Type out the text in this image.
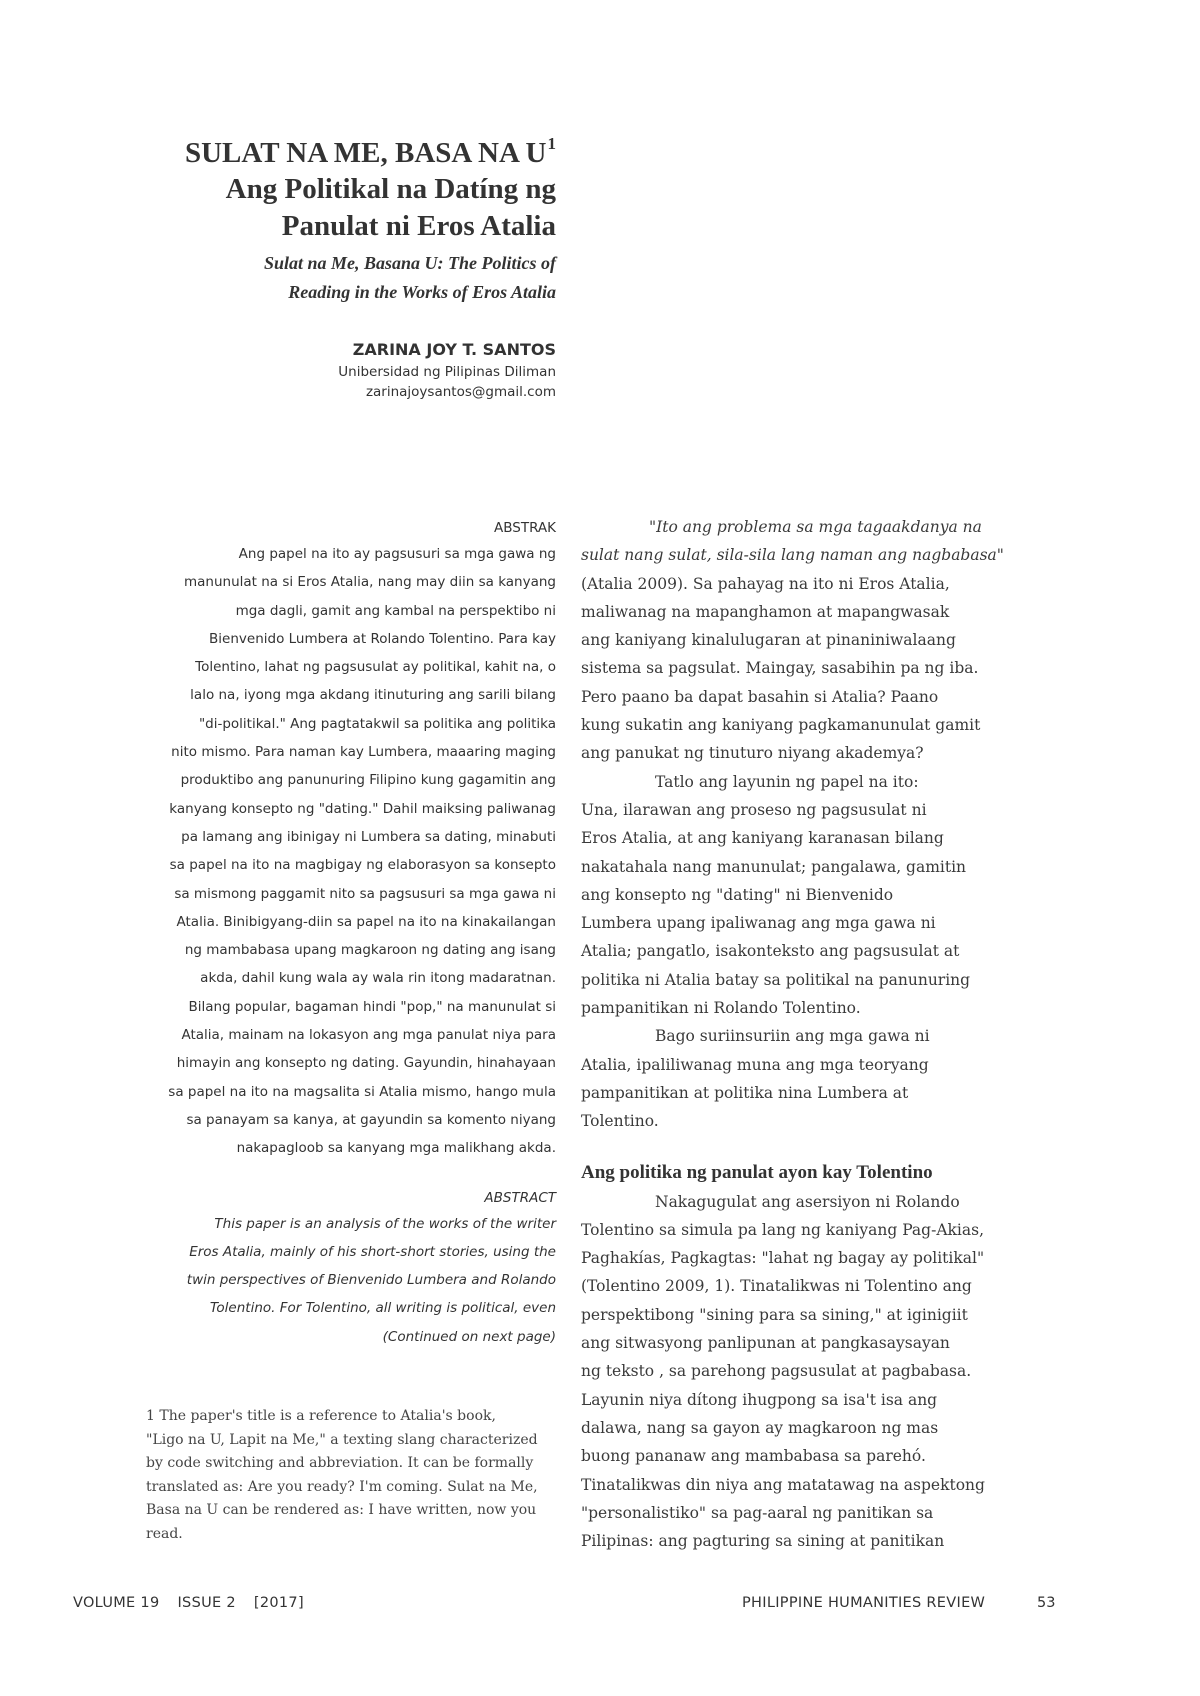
SULAT NA ME, BASA NA $U^1$
Ang Politikal na Datíng ng
Panulat ni Eros Atalia
Sulat na Me, Basana U: The Politics of
Reading in the Works of Eros Atalia
ZARINA JOY T. SANTOS
Unibersidad ng Pilipinas Diliman
zarinajoysantos@gmail.com
ABSTRAK
Ang papel na ito ay pagsusuri sa mga gawa ng
manunulat na si Eros Atalia, nang may diin sa kanyang
mga dagli, gamit ang kambal na perspektibo ni
Bienvenido Lumbera at Rolando Tolentino. Para kay
Tolentino, lahat ng pagsusulat ay politikal, kahit na, o
lalo na, iyong mga akdang itinuturing ang sarili bilang
"di-politikal." Ang pagtatakwil sa politika ang politika
nito mismo. Para naman kay Lumbera, maaaring maging
produktibo ang panunuring Filipino kung gagamitin ang
kanyang konsepto ng "dating." Dahil maiksing paliwanag
pa lamang ang ibinigay ni Lumbera sa dating, minabuti
sa papel na ito na magbigay ng elaborasyon sa konsepto
sa mismong paggamit nito sa pagsusuri sa mga gawa ni
Atalia. Binibigyang-diin sa papel na ito na kinakailangan
ng mambabasa upang magkaroon ng dating ang isang
akda, dahil kung wala ay wala rin itong madaratnan.
Bilang popular, bagaman hindi "pop," na manunulat si
Atalia, mainam na lokasyon ang mga panulat niya para
himayin ang konsepto ng dating. Gayundin, hinahayaan
sa papel na ito na magsalita si Atalia mismo, hango mula
sa panayam sa kanya, at gayundin sa komento niyang
nakapagloob sa kanyang mga malikhang akda.
ABSTRACT
This paper is an analysis of the works of the writer
Eros Atalia, mainly of his short-short stories, using the
twin perspectives of Bienvenido Lumbera and Rolando
Tolentino. For Tolentino, all writing is political, even
(Continued on next page)
1 The paper's title is a reference to Atalia's book,
"Ligo na U, Lapit na Me," a texting slang characterized
by code switching and abbreviation. It can be formally
translated as: Are you ready? I'm coming. Sulat na Me,
Basa na U can be rendered as: I have written, now you
read.
"Ito ang problema sa mga tagaakdanya na
sulat nang sulat, sila-sila lang naman ang nagbabasa"
(Atalia 2009). Sa pahayag na ito ni Eros Atalia,
maliwanag na mapanghamon at mapangwasak
ang kaniyang kinalulugaran at pinaniniwalaang
sistema sa pagsulat. Maingay, sasabihin pa ng iba.
Pero paano ba dapat basahin si Atalia? Paano
kung sukatin ang kaniyang pagkamanunulat gamit
ang panukat ng tinuturo niyang akademya?
Tatlo ang layunin ng papel na ito:
Una, ilarawan ang proseso ng pagsusulat ni
Eros Atalia, at ang kaniyang karanasan bilang
nakatahala nang manunulat; pangalawa, gamitin
ang konsepto ng "dating" ni Bienvenido
Lumbera upang ipaliwanag ang mga gawa ni
Atalia; pangatlo, isakonteksto ang pagsusulat at
politika ni Atalia batay sa politikal na panunuring
pampanitikan ni Rolando Tolentino.
Bago suriinsuriin ang mga gawa ni
Atalia, ipaliliwanag muna ang mga teoryang
pampanitikan at politika nina Lumbera at
Tolentino.
Ang politika ng panulat ayon kay Tolentino
Nakagugulat ang asersiyon ni Rolando
Tolentino sa simula pa lang ng kaniyang Pag-Akias,
Paghakías, Pagkagtas: "lahat ng bagay ay politikal"
(Tolentino 2009, 1). Tinatalikwas ni Tolentino ang
perspektibong "sining para sa sining," at iginigiit
ang sitwasyong panlipunan at pangkasaysayan
ng teksto , sa parehong pagsusulat at pagbabasa.
Layunin niya dítong ihugpong sa isa't isa ang
dalawa, nang sa gayon ay magkaroon ng mas
buong pananaw ang mambabasa sa parehó.
Tinatalikwas din niya ang matatawag na aspektong
"personalistiko" sa pag-aaral ng panitikan sa
Pilipinas: ang pagturing sa sining at panitikan
VOLUME 19 ISSUE 2 [2017]	PHILIPPINE HUMANITIES REVIEW	53
